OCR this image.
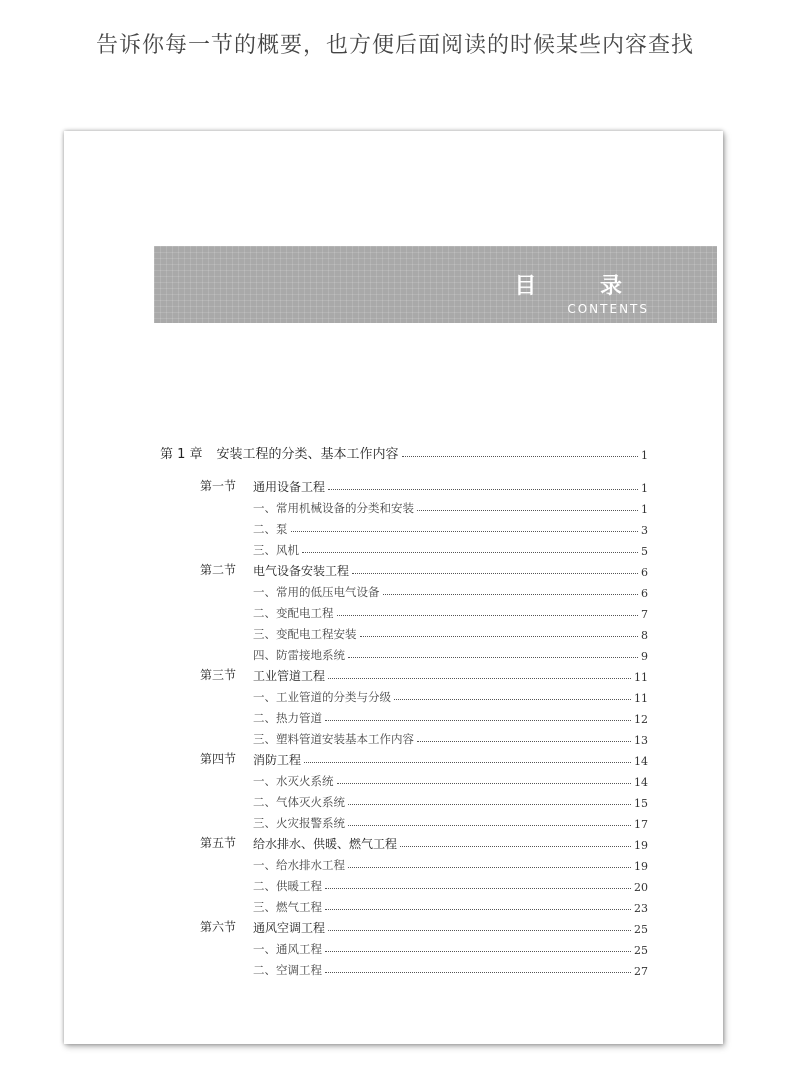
告诉你每一节的概要，也方便后面阅读的时候某些内容查找
目 录
CONTENTS
第 1 章 安装工程的分类、基本工作内容	1
第一节 通用设备工程	1
一、常用机械设备的分类和安装	1
二、泵	3
三、风机	5
第二节 电气设备安装工程	6
一、常用的低压电气设备	6
二、变配电工程	7
三、变配电工程安装	8
四、防雷接地系统	9
第三节 工业管道工程	11
一、工业管道的分类与分级	11
二、热力管道	12
三、塑料管道安装基本工作内容	13
第四节 消防工程	14
一、水灭火系统	14
二、气体灭火系统	15
三、火灾报警系统	17
第五节 给水排水、供暖、燃气工程	19
一、给水排水工程	19
二、供暖工程	20
三、燃气工程	23
第六节 通风空调工程	25
一、通风工程	25
二、空调工程	27
